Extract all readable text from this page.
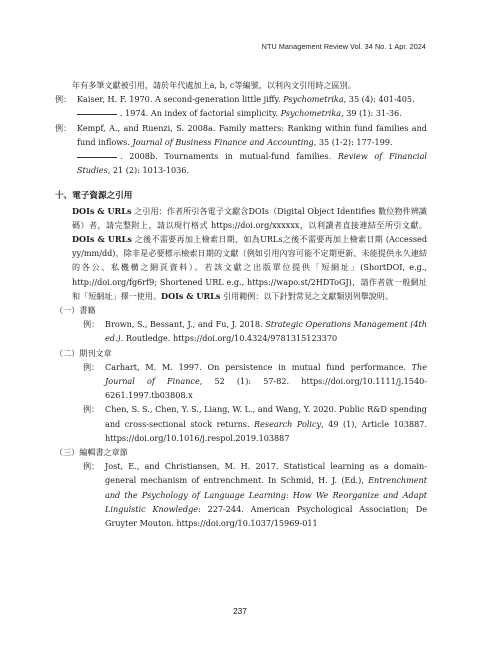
NTU Management Review Vol. 34 No. 1 Apr. 2024

年有多筆文獻被引用，請於年代處加上a, b, c等編號，以利內文引用時之區別。

例： Kaiser, H. F. 1970. A second-generation little jiffy. Psychometrika, 35 (4): 401-405.
. 1974. An index of factorial simplicity. Psychometrika, 39 (1): 31-36.
例： Kempf, A., and Ruenzi, S. 2008a. Family matters: Ranking within fund families and fund inflows. Journal of Business Finance and Accounting, 35 (1-2): 177-199.
. 2008b. Tournaments in mutual-fund families. Review of Financial Studies, 21 (2): 1013-1036.
十、電子資源之引用

DOIs & URLs 之引用：作者所引各電子文獻含DOIs（Digital Object Identifies 數位物件辨識碼）者，請完整附上，請以現行格式 https://doi.org/xxxxxx，以利讀者直接連結至所引文獻。DOIs & URLs 之後不需要再加上檢索日期，如為URLs之後不需要再加上檢索日期 (Accessed yy/mm/dd)，除非是必要標示檢索日期的文獻（例如引用內容可能不定期更新、未能提供永久連結的各公、私機構之網頁資料）。若該文獻之出版單位提供「短網址」(ShortDOI, e.g., http://doi.org/fg6rf9; Shortened URL e.g., https://wapo.st/2HDToGJ)，請作者就一般網址和「短網址」擇一使用。DOIs & URLs 引用範例：以下針對常見之文獻類別列舉說明。

（一）書籍
例： Brown, S., Bessant, J., and Fu, J. 2018. Strategic Operations Management (4th ed.). Routledge. https://doi.org/10.4324/9781315123370
（二）期刊文章
例： Carhart, M. M. 1997. On persistence in mutual fund performance. The Journal of Finance, 52 (1): 57-82. https://doi.org/10.1111/j.1540-6261.1997.tb03808.x
例： Chen, S. S., Chen, Y. S., Liang, W. L., and Wang, Y. 2020. Public R&D spending and cross-sectional stock returns. Research Policy, 49 (1), Article 103887. https://doi.org/10.1016/j.respol.2019.103887
（三）編輯書之章節
例： Jost, E., and Christiansen, M. H. 2017. Statistical learning as a domain-general mechanism of entrenchment. In Schmid, H. J. (Ed.), Entrenchment and the Psychology of Language Learning: How We Reorganize and Adapt Linguistic Knowledge: 227-244. American Psychological Association; De Gruyter Mouton. https://doi.org/10.1037/15969-011
237
